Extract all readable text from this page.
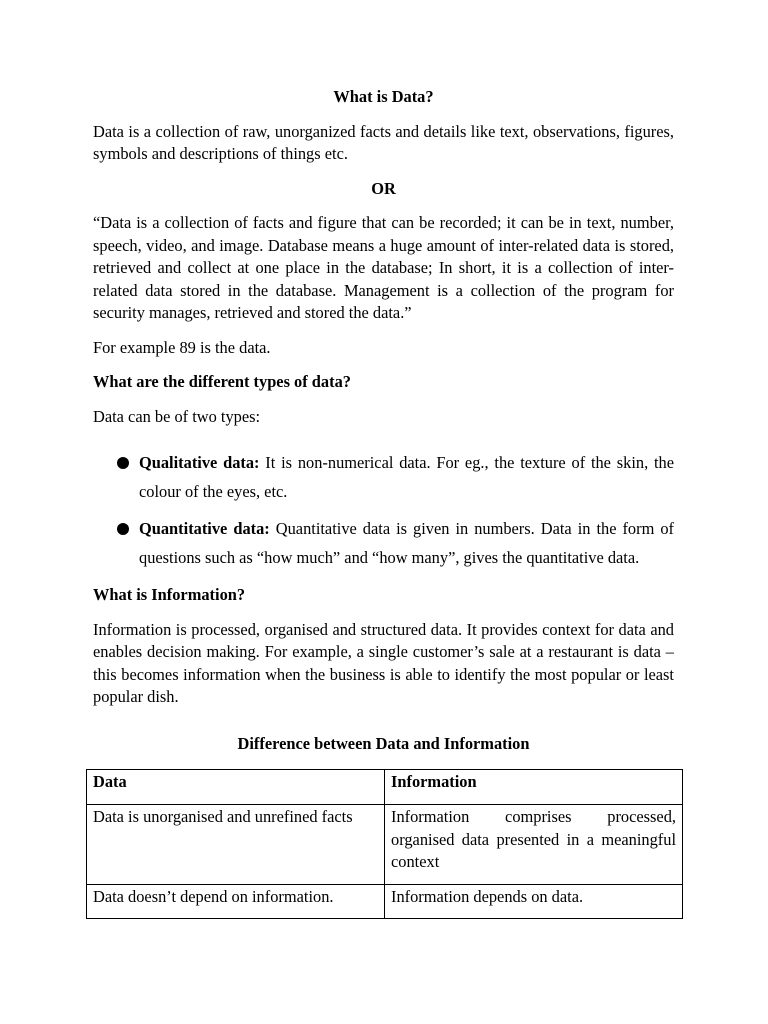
What is Data?

Data is a collection of raw, unorganized facts and details like text, observations, figures, symbols and descriptions of things etc.

OR

“Data is a collection of facts and figure that can be recorded; it can be in text, number, speech, video, and image. Database means a huge amount of inter-related data is stored, retrieved and collect at one place in the database; In short, it is a collection of inter-related data stored in the database. Management is a collection of the program for security manages, retrieved and stored the data.”

For example 89 is the data.

What are the different types of data?

Data can be of two types:

Qualitative data: It is non-numerical data. For eg., the texture of the skin, the colour of the eyes, etc.
Quantitative data: Quantitative data is given in numbers. Data in the form of questions such as “how much” and “how many”, gives the quantitative data.
What is Information?

Information is processed, organised and structured data. It provides context for data and enables decision making. For example, a single customer’s sale at a restaurant is data – this becomes information when the business is able to identify the most popular or least popular dish.

Difference between Data and Information
Data	Information
Data is unorganised and unrefined facts	Information comprises processed, organised data presented in a meaningful context
Data doesn’t depend on information.	Information depends on data.
